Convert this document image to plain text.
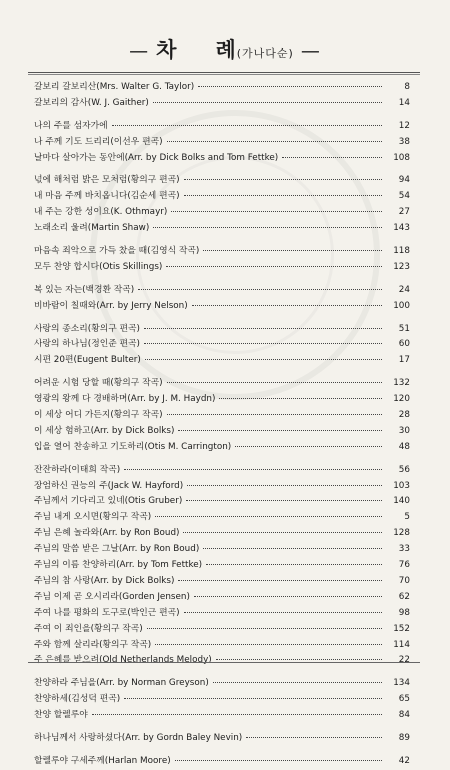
— 차 례(가나다순) —
갈보리 갈보리산(Mrs. Walter G. Taylor)	8
갈보리의 감사(W. J. Gaither)	14
나의 주를 섬자가에	12
나 주께 기도 드리리(이선우 편곡)	38
날마다 살아가는 동안에(Arr. by Dick Bolks and Tom Fettke)	108
넋에 해처럼 밝은 모처럼(황의구 편곡)	94
내 마음 주께 바치옵니다(김순세 편곡)	54
내 주는 강한 성이요(K. Othmayr)	27
노래소리 울려(Martin Shaw)	143
마음속 죄악으로 가득 찼을 때(김영식 작곡)	118
모두 찬양 합시다(Otis Skillings)	123
복 있는 자는(백경환 작곡)	24
비바람이 칠때와(Arr. by Jerry Nelson)	100
사랑의 종소리(황의구 편곡)	51
사랑의 하나님(정인준 편곡)	60
시편 20편(Eugent Bulter)	17
어려운 시험 당할 때(황의구 작곡)	132
영광의 왕께 다 경배하며(Arr. by J. M. Haydn)	120
이 세상 어디 가든지(황의구 작곡)	28
이 세상 험하고(Arr. by Dick Bolks)	30
입을 열어 찬송하고 기도하리(Otis M. Carrington)	48
잔잔하라(이태희 작곡)	56
장엄하신 권능의 주(Jack W. Hayford)	103
주님께서 기다리고 있네(Otis Gruber)	140
주님 내게 오시면(황의구 작곡)	5
주님 은혜 놀라와(Arr. by Ron Boud)	128
주님의 말씀 받은 그날(Arr. by Ron Boud)	33
주님의 이름 찬양하리(Arr. by Tom Fettke)	76
주님의 참 사랑(Arr. by Dick Bolks)	70
주님 이제 곧 오시리라(Gorden Jensen)	62
주여 나를 평화의 도구로(박인근 편곡)	98
주여 이 죄인을(황의구 작곡)	152
주와 함께 살리라(황의구 작곡)	114
주 은혜를 받으려(Old Netherlands Melody)	22
찬양하라 주님을(Arr. by Norman Greyson)	134
찬양하세(김성덕 편곡)	65
찬양 할렐루야	84
하나님께서 사랑하셨다(Arr. by Gordn Baley Nevin)	89
할렐루야 구세주께(Harlan Moore)	42
